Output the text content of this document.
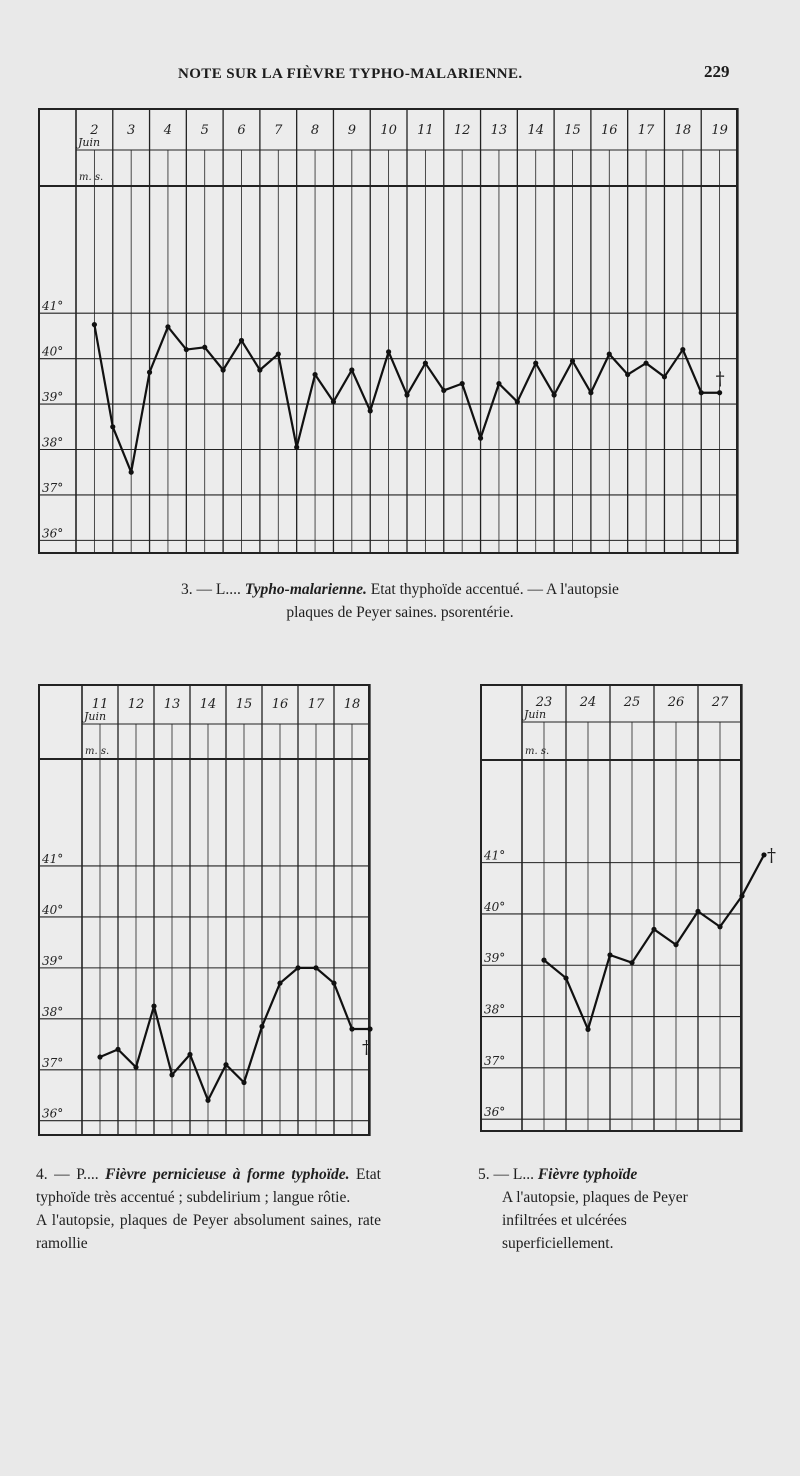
NOTE SUR LA FIÈVRE TYPHO-MALARIENNE.	229
41°
40°
39°
38°
37°
36°
2 3 4 5 6 7 8 9 10 11 12 13 14 15 16 17 18 19
Juin
m. s.
†
3. — L.... Typho-malarienne. Etat thyphoïde accentué. — A l'autopsie
plaques de Peyer saines. psorentérie.
41°
40°
39°
38°
37°
36°
11 12 13 14 15 16 17 18
Juin
m. s.
†
4. — P.... Fièvre pernicieuse à forme typhoïde. Etat typhoïde très accentué ; subdelirium ; langue rôtie.
A l'autopsie, plaques de Peyer absolument saines, rate ramollie
41°
40°
39°
38°
37°
36°
23 24 25 26 27
Juin
m. s.
†
5. — L... Fièvre typhoïde
A l'autopsie, plaques de Peyer infiltrées et ulcérées superficiellement.
